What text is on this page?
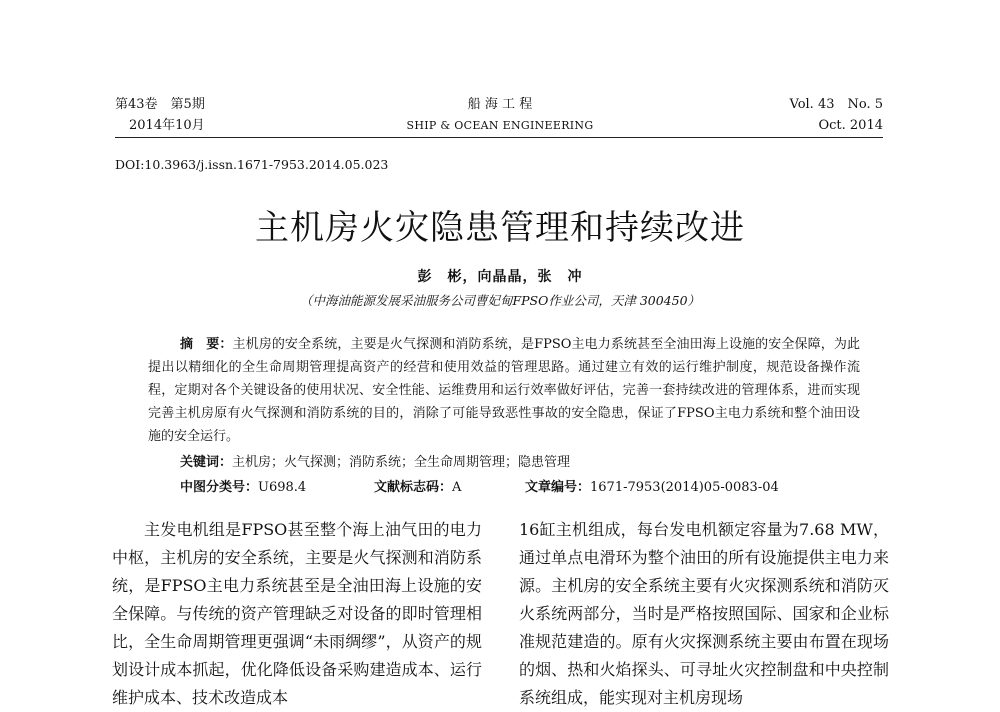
第43卷　第5期
2014年10月
船 海 工 程
SHIP & OCEAN ENGINEERING
Vol. 43　No. 5
Oct. 2014
DOI:10.3963/j.issn.1671-7953.2014.05.023
主机房火灾隐患管理和持续改进
彭　彬，向晶晶，张　冲
（中海油能源发展采油服务公司曹妃甸FPSO作业公司，天津 300450）

摘　要：主机房的安全系统，主要是火气探测和消防系统，是FPSO主电力系统甚至全油田海上设施的安全保障，为此提出以精细化的全生命周期管理提高资产的经营和使用效益的管理思路。通过建立有效的运行维护制度，规范设备操作流程，定期对各个关键设备的使用状况、安全性能、运维费用和运行效率做好评估，完善一套持续改进的管理体系，进而实现完善主机房原有火气探测和消防系统的目的，消除了可能导致恶性事故的安全隐患，保证了FPSO主电力系统和整个油田设施的安全运行。

关键词：主机房；火气探测；消防系统；全生命周期管理；隐患管理
中图分类号：U698.4	文献标志码：A	文章编号：1671-7953(2014)05-0083-04

主发电机组是FPSO甚至整个海上油气田的电力中枢，主机房的安全系统，主要是火气探测和消防系统，是FPSO主电力系统甚至是全油田海上设施的安全保障。与传统的资产管理缺乏对设备的即时管理相比，全生命周期管理更强调“未雨绸缪”，从资产的规划设计成本抓起，优化降低设备采购建造成本、运行维护成本、技术改造成本

16缸主机组成，每台发电机额定容量为7.68 MW，通过单点电滑环为整个油田的所有设施提供主电力来源。主机房的安全系统主要有火灾探测系统和消防灭火系统两部分，当时是严格按照国际、国家和企业标准规范建造的。原有火灾探测系统主要由布置在现场的烟、热和火焰探头、可寻址火灾控制盘和中央控制系统组成，能实现对主机房现场
